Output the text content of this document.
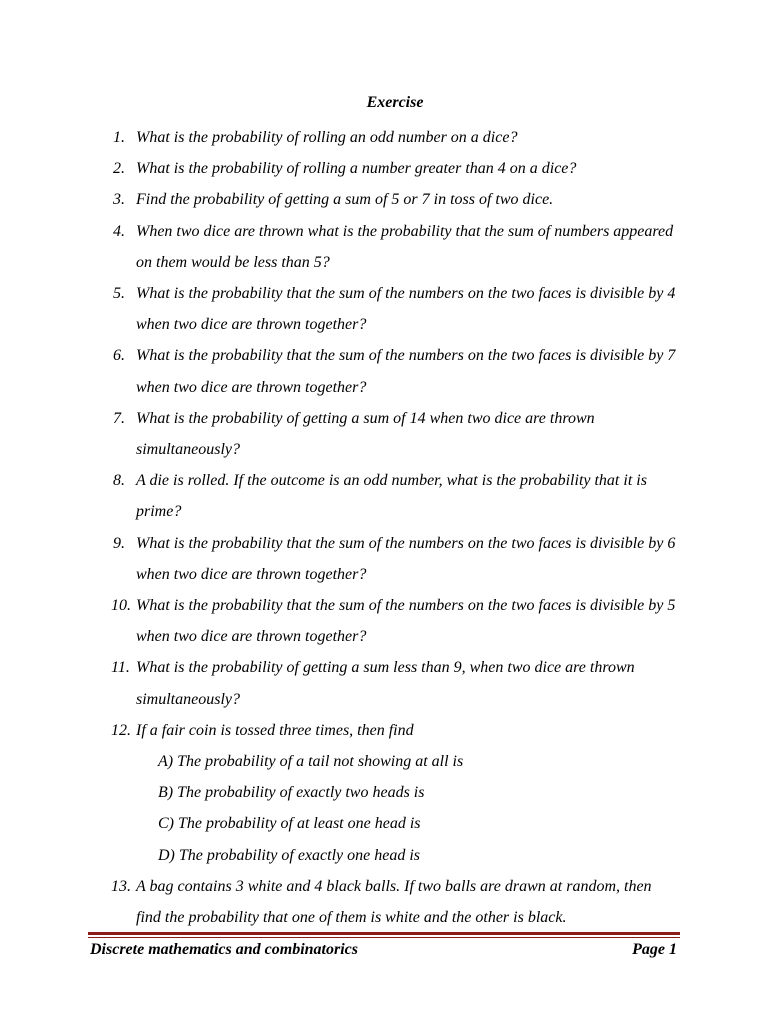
Exercise
1. What is the probability of rolling an odd number on a dice?
2. What is the probability of rolling a number greater than 4 on a dice?
3. Find the probability of getting a sum of 5 or 7 in toss of two dice.
4. When two dice are thrown what is the probability that the sum of numbers appeared on them would be less than 5?
5. What is the probability that the sum of the numbers on the two faces is divisible by 4 when two dice are thrown together?
6. What is the probability that the sum of the numbers on the two faces is divisible by 7 when two dice are thrown together?
7. What is the probability of getting a sum of 14 when two dice are thrown simultaneously?
8. A die is rolled. If the outcome is an odd number, what is the probability that it is prime?
9. What is the probability that the sum of the numbers on the two faces is divisible by 6 when two dice are thrown together?
10. What is the probability that the sum of the numbers on the two faces is divisible by 5 when two dice are thrown together?
11. What is the probability of getting a sum less than 9, when two dice are thrown simultaneously?
12. If a fair coin is tossed three times, then find
A) The probability of a tail not showing at all is
B) The probability of exactly two heads is
C) The probability of at least one head is
D) The probability of exactly one head is
13. A bag contains 3 white and 4 black balls. If two balls are drawn at random, then find the probability that one of them is white and the other is black.
Discrete mathematics and combinatorics	Page 1
